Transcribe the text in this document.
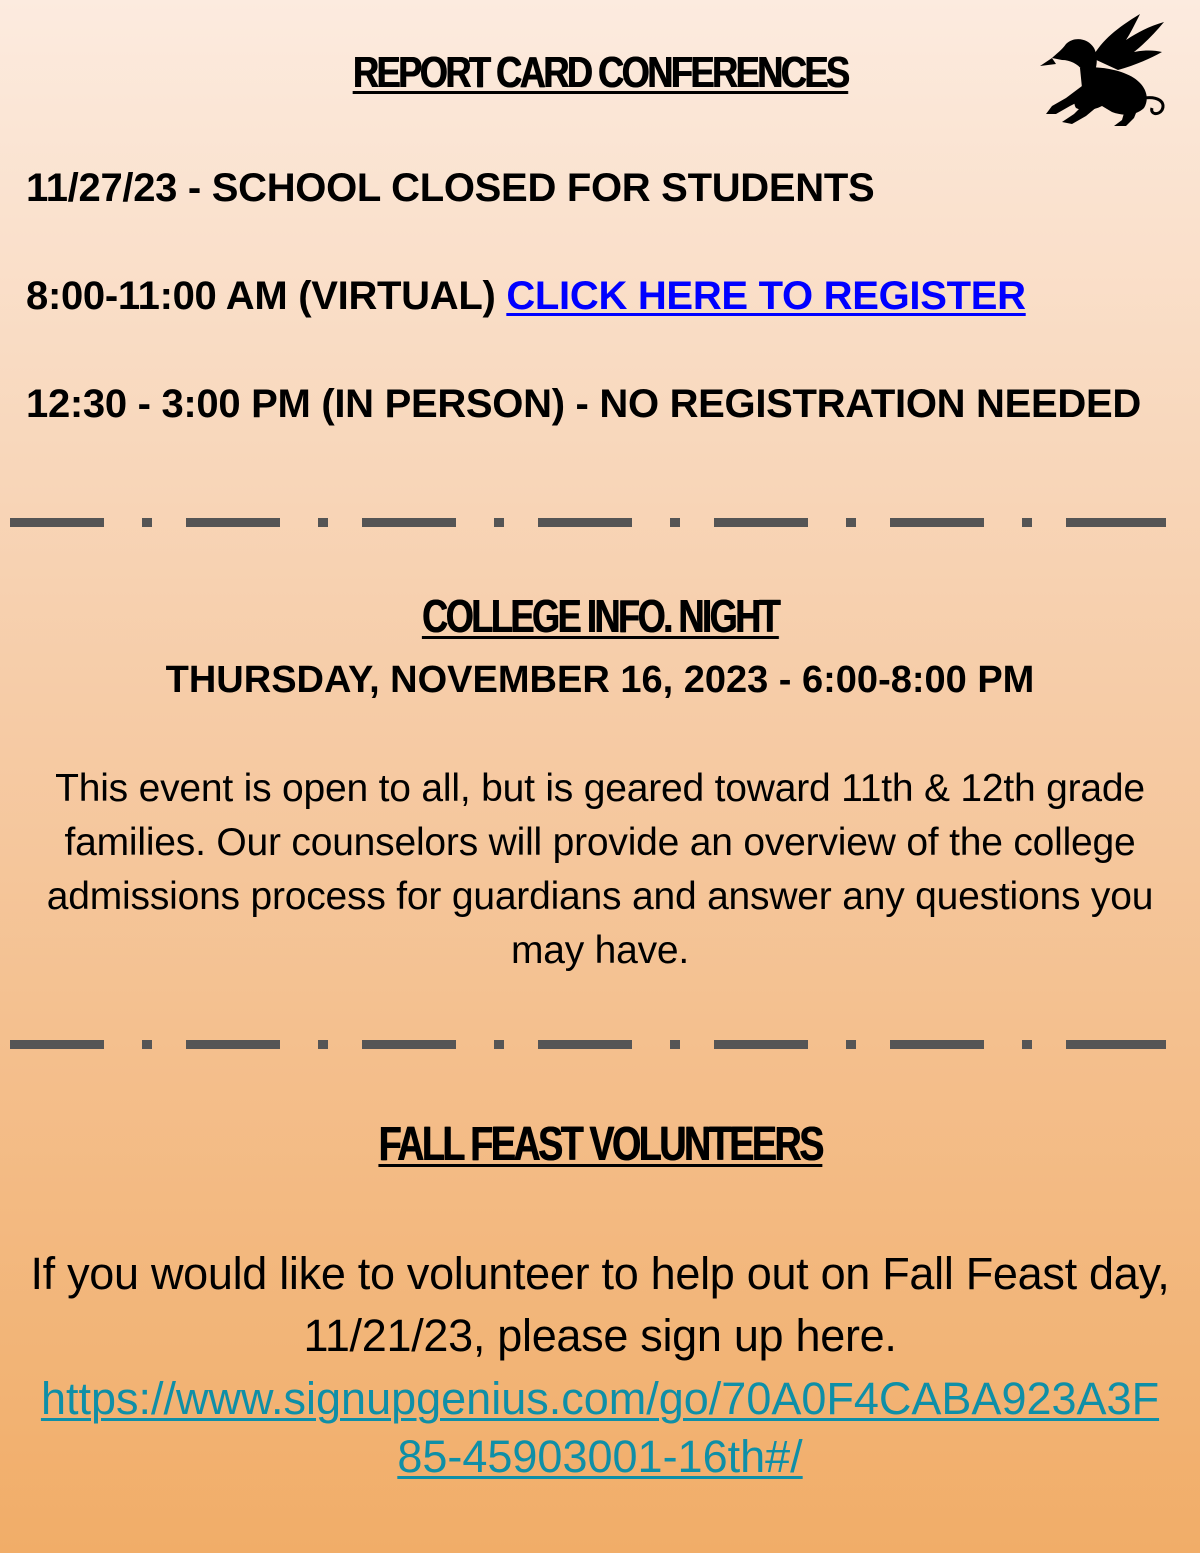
REPORT CARD CONFERENCES
11/27/23 - SCHOOL CLOSED FOR STUDENTS
8:00-11:00 AM (VIRTUAL) CLICK HERE TO REGISTER
12:30 - 3:00 PM (IN PERSON) - NO REGISTRATION NEEDED
COLLEGE INFO. NIGHT
THURSDAY, NOVEMBER 16, 2023 - 6:00-8:00 PM
This event is open to all, but is geared toward 11th & 12th grade families. Our counselors will provide an overview of the college admissions process for guardians and answer any questions you may have.
FALL FEAST VOLUNTEERS
If you would like to volunteer to help out on Fall Feast day, 11/21/23, please sign up here.
https://www.signupgenius.com/go/70A0F4CABA923A3F85-45903001-16th#/
